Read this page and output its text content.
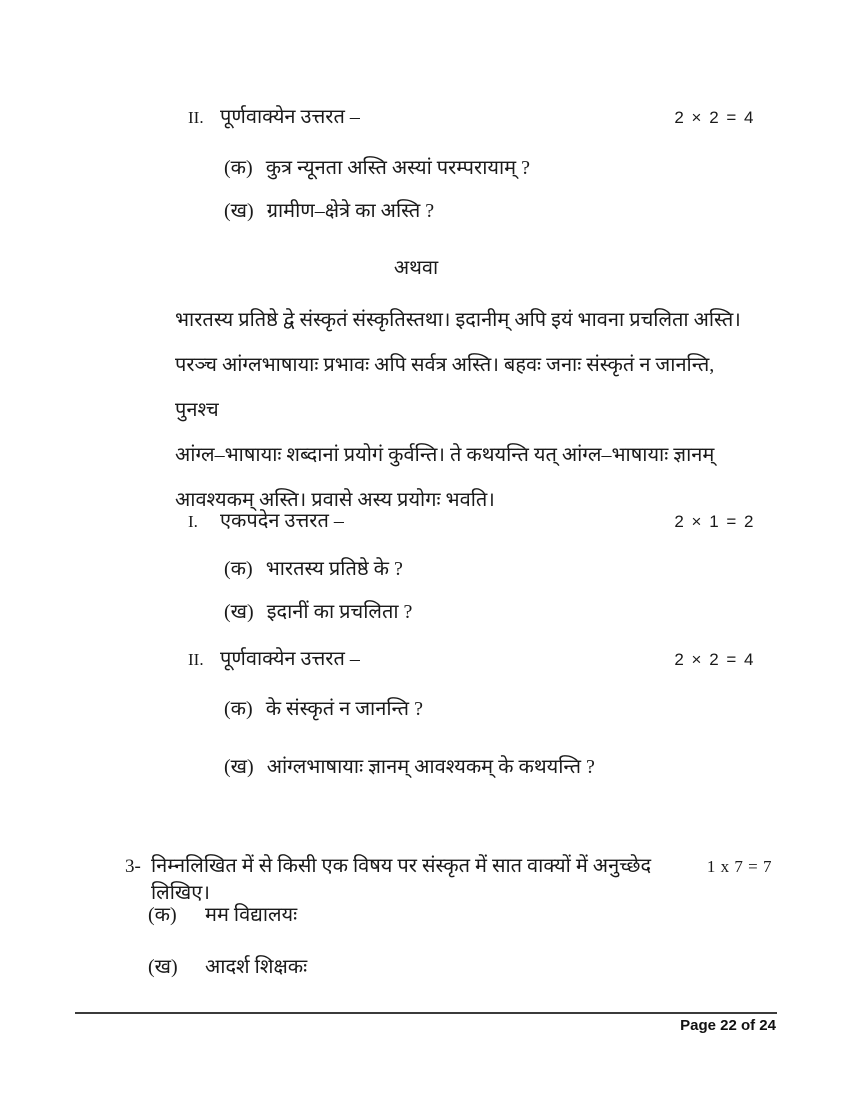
II. पूर्णवाक्येन उत्तरत –	2 × 2 = 4
(क) कुत्र न्यूनता अस्ति अस्यां परम्परायाम् ?
(ख) ग्रामीण–क्षेत्रे का अस्ति ?
अथवा
भारतस्य प्रतिष्ठे द्वे संस्कृतं संस्कृतिस्तथा। इदानीम् अपि इयं भावना प्रचलिता अस्ति।
परञ्च आंग्लभाषायाः प्रभावः अपि सर्वत्र अस्ति। बहवः जनाः संस्कृतं न जानन्ति, पुनश्च
आंग्ल–भाषायाः शब्दानां प्रयोगं कुर्वन्ति। ते कथयन्ति यत् आंग्ल–भाषायाः ज्ञानम्
आवश्यकम् अस्ति। प्रवासे अस्य प्रयोगः भवति।
I.	एकपदेन उत्तरत –	2 × 1 = 2
(क) भारतस्य प्रतिष्ठे के ?
(ख) इदानीं का प्रचलिता ?
II. पूर्णवाक्येन उत्तरत –	2 × 2 = 4
(क) के संस्कृतं न जानन्ति ?
(ख) आंग्लभाषायाः ज्ञानम् आवश्यकम् के कथयन्ति ?
3- निम्नलिखित में से किसी एक विषय पर संस्कृत में सात वाक्यों में अनुच्छेद लिखिए।
1 x 7 = 7
(क)	मम विद्यालयः
(ख)	आदर्श शिक्षकः
Page 22 of 24
